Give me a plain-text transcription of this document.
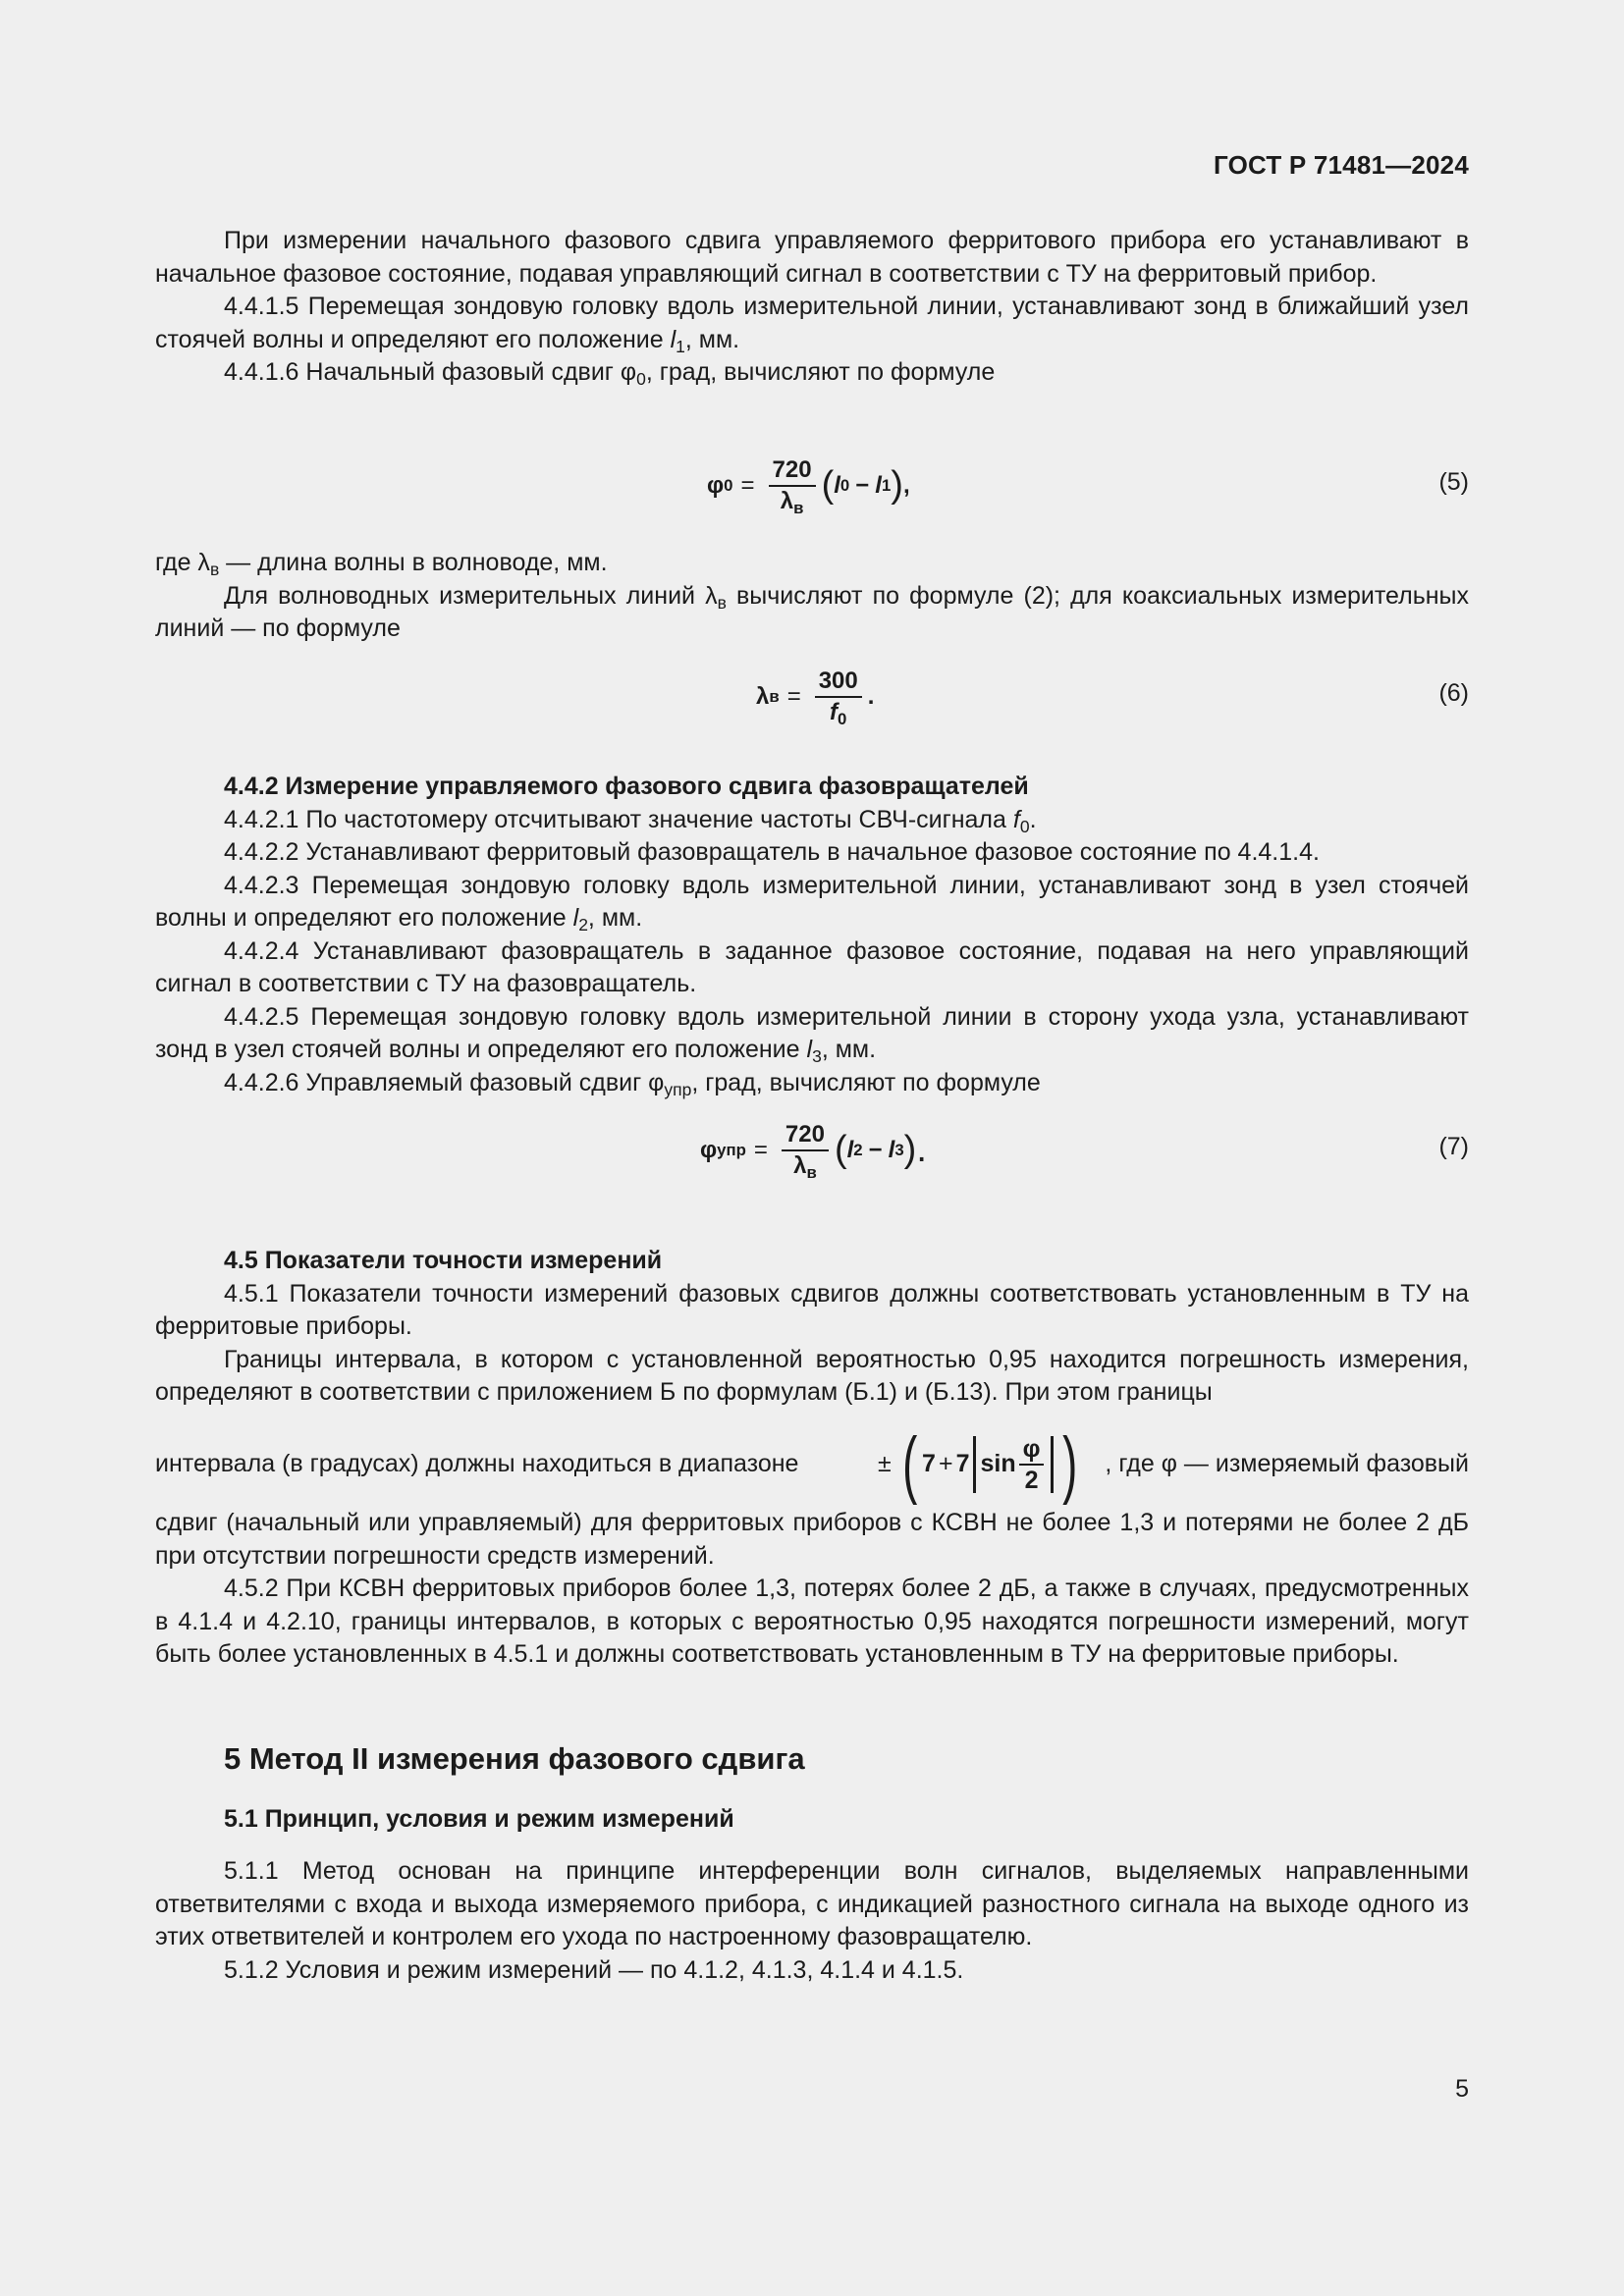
ГОСТ Р 71481—2024

При измерении начального фазового сдвига управляемого ферритового прибора его устанавливают в начальное фазовое состояние, подавая управляющий сигнал в соответствии с ТУ на ферритовый прибор.

4.4.1.5 Перемещая зондовую головку вдоль измерительной линии, устанавливают зонд в ближайший узел стоячей волны и определяют его положение $l_1$, мм.

4.4.1.6 Начальный фазовый сдвиг $\varphi_0$, град, вычисляют по формуле

φ $0 = \frac{720}{\lambda_в}$ ( l 0 − l 1 ) ,	(5)

где $\lambda_в$ — длина волны в волноводе, мм.

Для волноводных измерительных линий $\lambda_в$ вычисляют по формуле (2); для коаксиальных измерительных линий — по формуле

λ $в = \frac{300}{f_0}$ .	(6)

4.4.2 Измерение управляемого фазового сдвига фазовращателей

4.4.2.1 По частотомеру отсчитывают значение частоты СВЧ-сигнала $f_0$.

4.4.2.2 Устанавливают ферритовый фазовращатель в начальное фазовое состояние по 4.4.1.4.

4.4.2.3 Перемещая зондовую головку вдоль измерительной линии, устанавливают зонд в узел стоячей волны и определяют его положение $l_2$, мм.

4.4.2.4 Устанавливают фазовращатель в заданное фазовое состояние, подавая на него управляющий сигнал в соответствии с ТУ на фазовращатель.

4.4.2.5 Перемещая зондовую головку вдоль измерительной линии в сторону ухода узла, устанавливают зонд в узел стоячей волны и определяют его положение $l_3$, мм.

4.4.2.6 Управляемый фазовый сдвиг $\varphi_{упр}$, град, вычисляют по формуле

φ упр = $\frac{720}{\lambda_в}$ ( l 2 − l 3 ).	(7)

4.5 Показатели точности измерений

4.5.1 Показатели точности измерений фазовых сдвигов должны соответствовать установленным в ТУ на ферритовые приборы.

Границы интервала, в котором с установленной вероятностью 0,95 находится погрешность измерения, определяют в соответствии с приложением Б по формулам (Б.1) и (Б.13). При этом границы

интервала (в градусах) должны находиться в диапазоне	± ( 7 + 7 $\sin \frac{\varphi}{2}$ ) , где φ — измеряемый фазовый

сдвиг (начальный или управляемый) для ферритовых приборов с КСВН не более 1,3 и потерями не более 2 дБ при отсутствии погрешности средств измерений.

4.5.2 При КСВН ферритовых приборов более 1,3, потерях более 2 дБ, а также в случаях, предусмотренных в 4.1.4 и 4.2.10, границы интервалов, в которых с вероятностью 0,95 находятся погрешности измерений, могут быть более установленных в 4.5.1 и должны соответствовать установленным в ТУ на ферритовые приборы.

5 Метод II измерения фазового сдвига

5.1 Принцип, условия и режим измерений

5.1.1 Метод основан на принципе интерференции волн сигналов, выделяемых направленными ответвителями с входа и выхода измеряемого прибора, с индикацией разностного сигнала на выходе одного из этих ответвителей и контролем его ухода по настроенному фазовращателю.

5.1.2 Условия и режим измерений — по 4.1.2, 4.1.3, 4.1.4 и 4.1.5.

5
